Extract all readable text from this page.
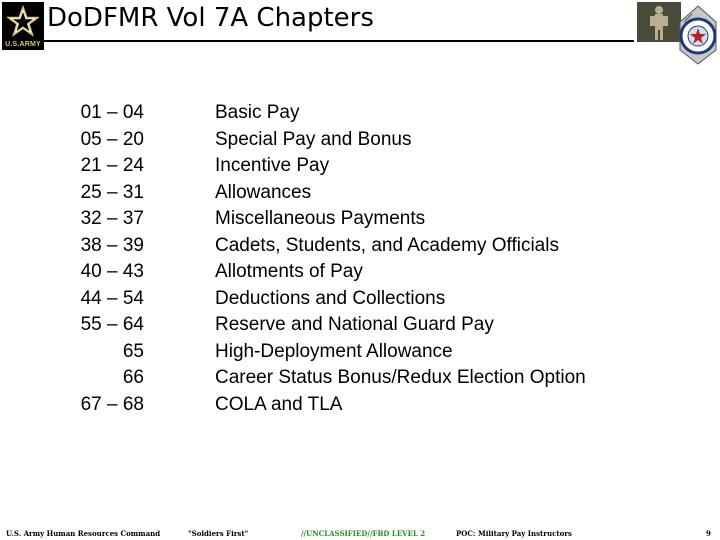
U.S.ARMY
DoDFMR Vol 7A Chapters
01 – 04	Basic Pay
05 – 20	Special Pay and Bonus
21 – 24	Incentive Pay
25 – 31	Allowances
32 – 37	Miscellaneous Payments
38 – 39	Cadets, Students, and Academy Officials
40 – 43	Allotments of Pay
44 – 54	Deductions and Collections
55 – 64	Reserve and National Guard Pay
65	High-Deployment Allowance
66	Career Status Bonus/Redux Election Option
67 – 68	COLA and TLA
U.S. Army Human Resources Command	"Soldiers First"	//UNCLASSIFIED//FBD LEVEL 2	POC: Military Pay Instructors	9
